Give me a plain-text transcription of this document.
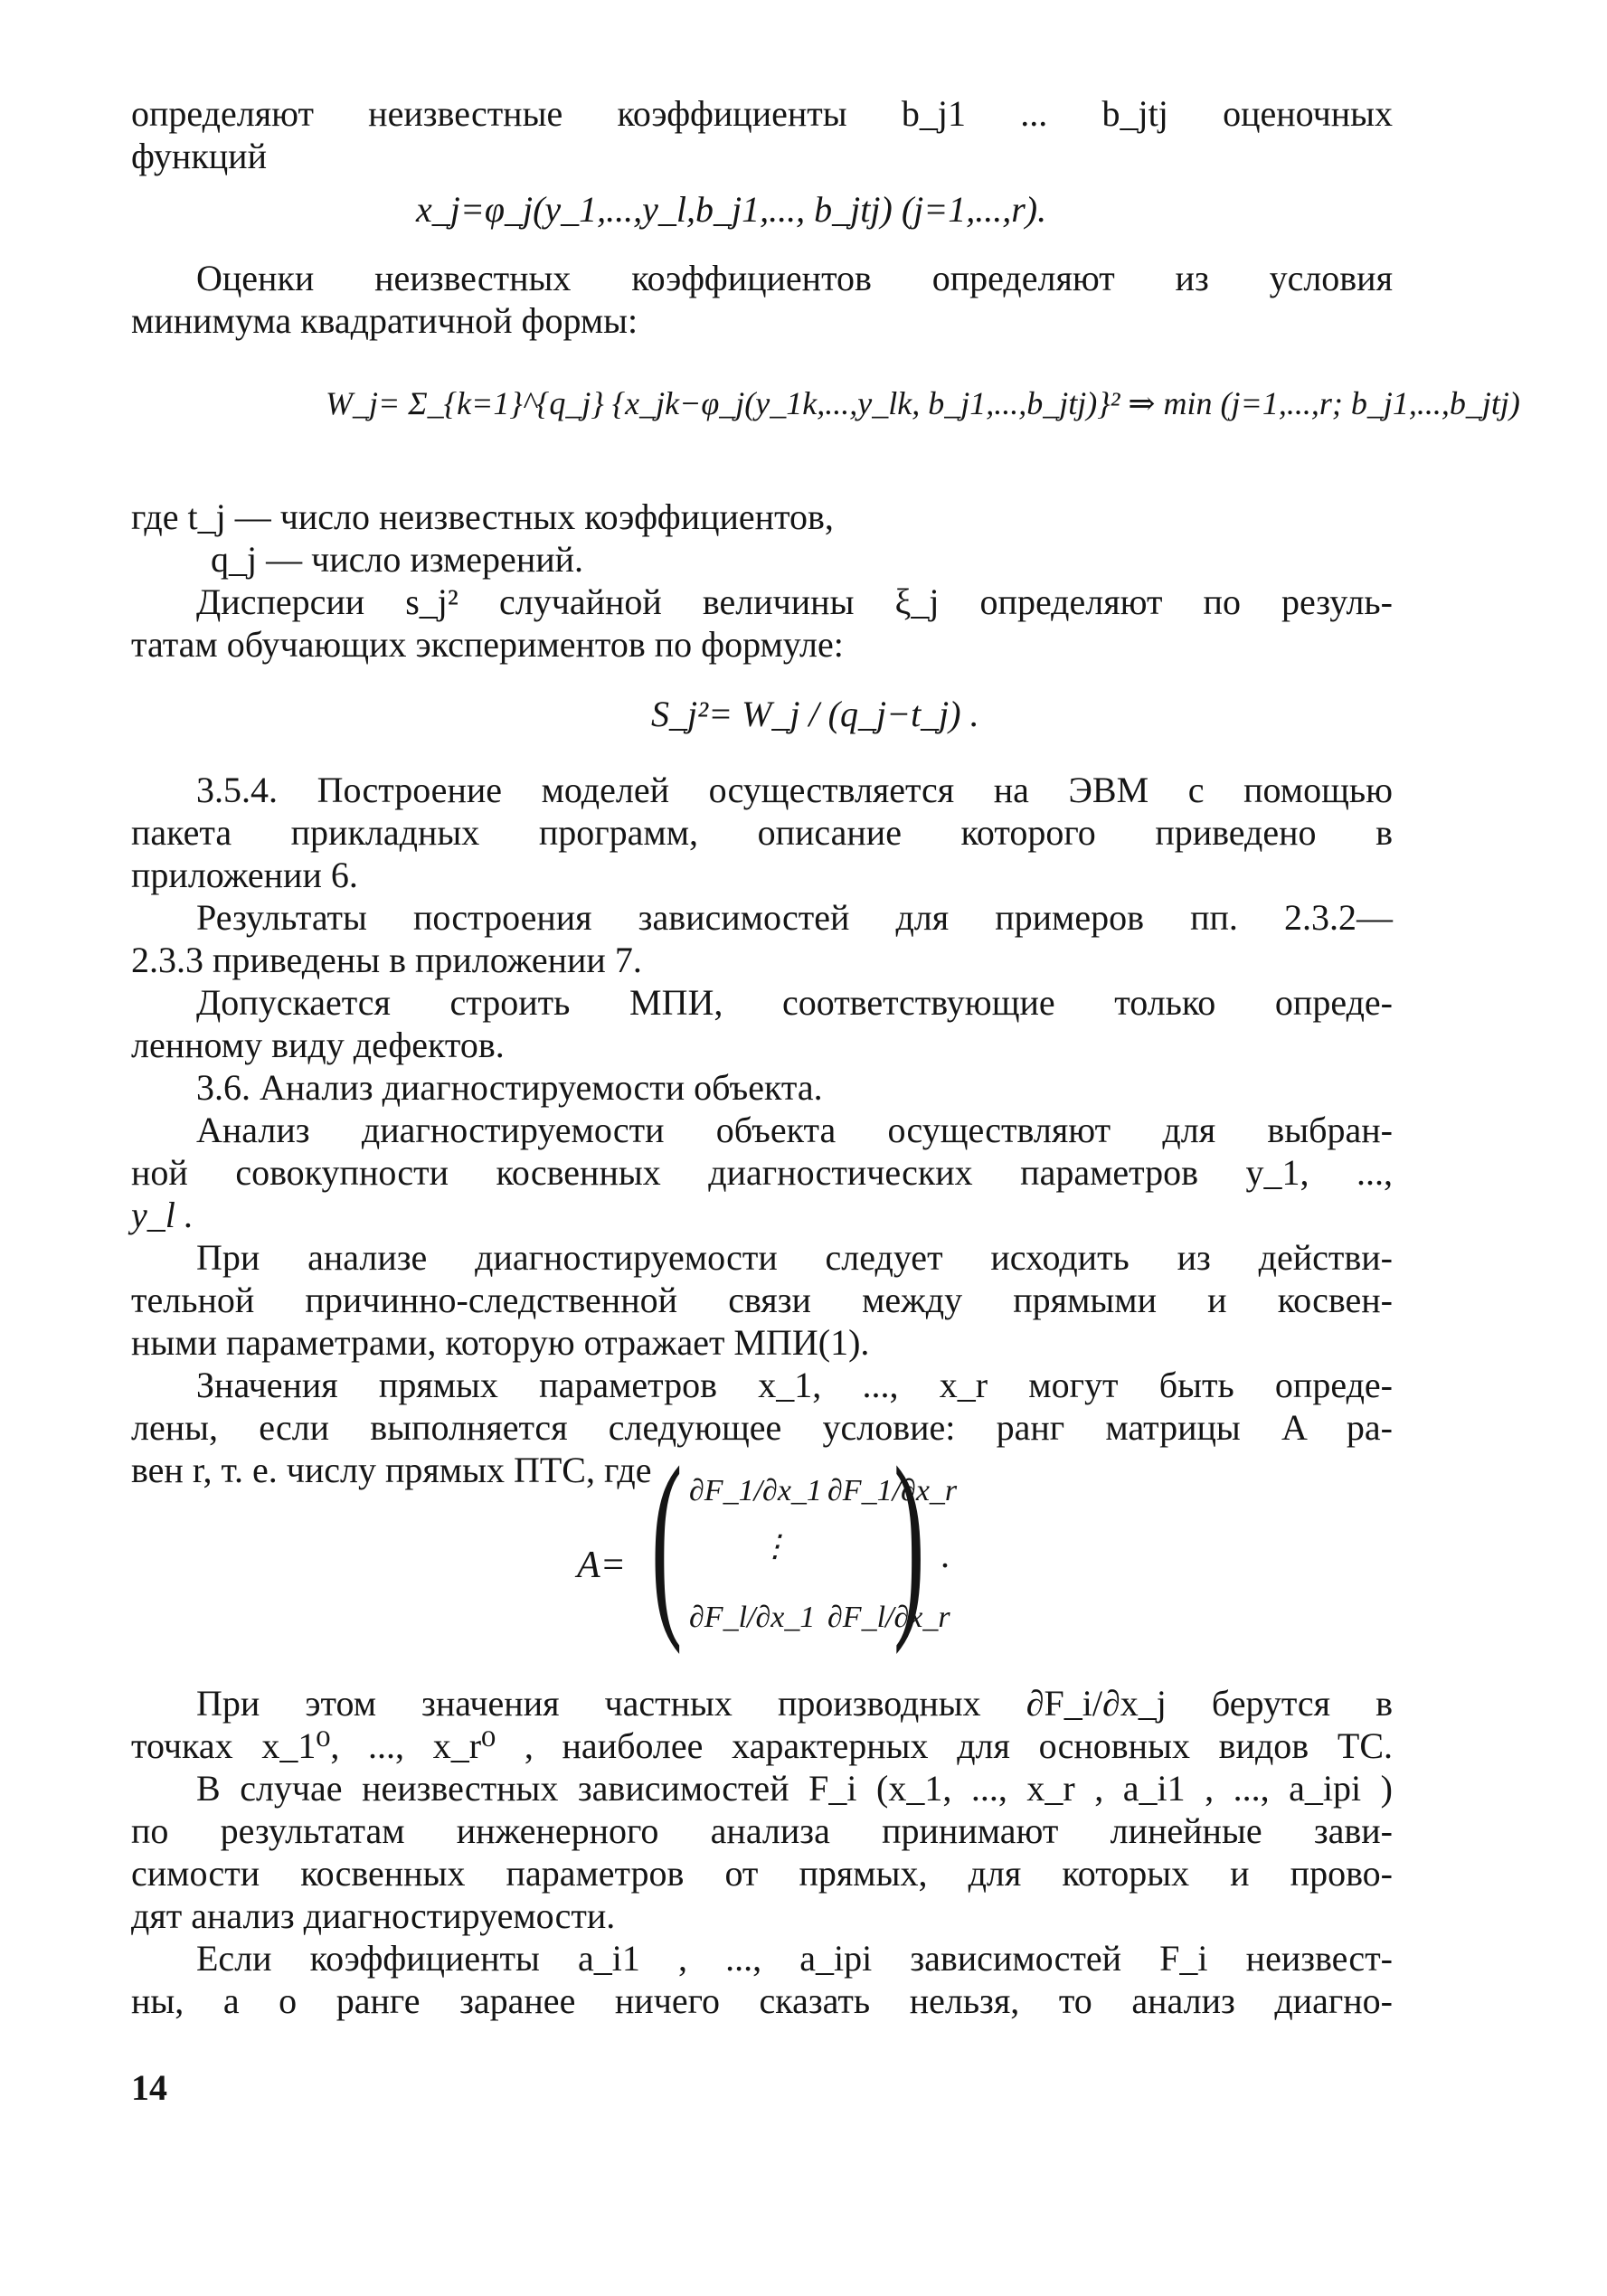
определяют неизвестные коэффициенты b_j1 ... b_jtj оценочных
функций

x_j=φ_j(y_1,...,y_l,b_j1,..., b_jtj) (j=1,...,r).

Оценки неизвестных коэффициентов определяют из условия
минимума квадратичной формы:

W_j= Σ_{k=1}^{q_j} {x_jk−φ_j(y_1k,...,y_lk, b_j1,...,b_jtj)}² ⇒ min (j=1,...,r; b_j1,...,b_jtj)

где t_j — число неизвестных коэффициентов,
q_j — число измерений.

Дисперсии s_j² случайной величины ξ_j определяют по резуль-
татам обучающих экспериментов по формуле:

S_j²= W_j / (q_j−t_j) .

3.5.4. Построение моделей осуществляется на ЭВМ с помощью
пакета прикладных программ, описание которого приведено в
приложении 6.
Результаты построения зависимостей для примеров пп. 2.3.2—
2.3.3 приведены в приложении 7.
Допускается строить МПИ, соответствующие только опреде-
ленному виду дефектов.
3.6. Анализ диагностируемости объекта.
Анализ диагностируемости объекта осуществляют для выбран-
ной совокупности косвенных диагностических параметров y_1, ...,
y_l .
При анализе диагностируемости следует исходить из действи-
тельной причинно-следственной связи между прямыми и косвен-
ными параметрами, которую отражает МПИ(1).
Значения прямых параметров x_1, ..., x_r могут быть опреде-
лены, если выполняется следующее условие: ранг матрицы A ра-
вен r, т. е. числу прямых ПТС, где

A= ( )
∂F_1/∂x_1 ∂F_1/∂x_r
⋮
∂F_l/∂x_1 ∂F_l/∂x_r
.

При этом значения частных производных ∂F_i/∂x_j берутся в
точках x_1⁰, ..., x_r⁰ , наиболее характерных для основных видов ТС.
В случае неизвестных зависимостей F_i (x_1, ..., x_r , a_i1 , ..., a_ipi )
по результатам инженерного анализа принимают линейные зави-
симости косвенных параметров от прямых, для которых и прово-
дят анализ диагностируемости.
Если коэффициенты a_i1 , ..., a_ipi зависимостей F_i неизвест-
ны, а о ранге заранее ничего сказать нельзя, то анализ диагно-

14
